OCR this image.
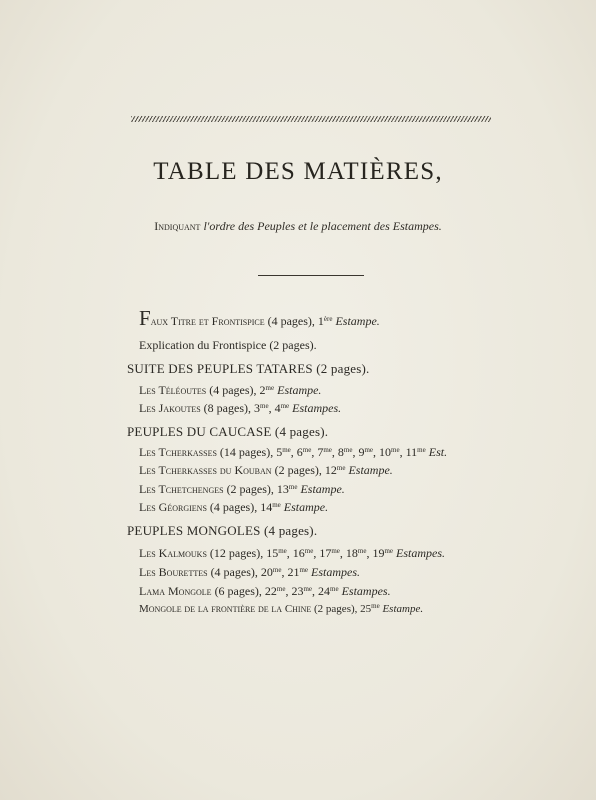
TABLE DES MATIÈRES,
Indiquant l'ordre des Peuples et le placement des Estampes.
Faux Titre et Frontispice (4 pages), 1ère Estampe.
Explication du Frontispice (2 pages).
SUITE DES PEUPLES TATARES (2 pages).
Les Téléoutes (4 pages), $2^{me}$ Estampe.
Les Jakoutes (8 pages), $3^{me}$, $4^{me}$ Estampes.
PEUPLES DU CAUCASE (4 pages).
Les Tcherkasses (14 pages), $5^{me}$, $6^{me}$, $7^{me}$, $8^{me}$, $9^{me}$, $10^{me}$, $11^{me}$ Est.
Les Tcherkasses du Kouban (2 pages), $12^{me}$ Estampe.
Les Tchetchenges (2 pages), $13^{me}$ Estampe.
Les Géorgiens (4 pages), $14^{me}$ Estampe.
PEUPLES MONGOLES (4 pages).
Les Kalmouks (12 pages), $15^{me}$, $16^{me}$, $17^{me}$, $18^{me}$, $19^{me}$ Estampes.
Les Bourettes (4 pages), $20^{me}$, $21^{me}$ Estampes.
Lama Mongole (6 pages), $22^{me}$, $23^{me}$, $24^{me}$ Estampes.
Mongole de la frontière de la Chine (2 pages), $25^{me}$ Estampe.
